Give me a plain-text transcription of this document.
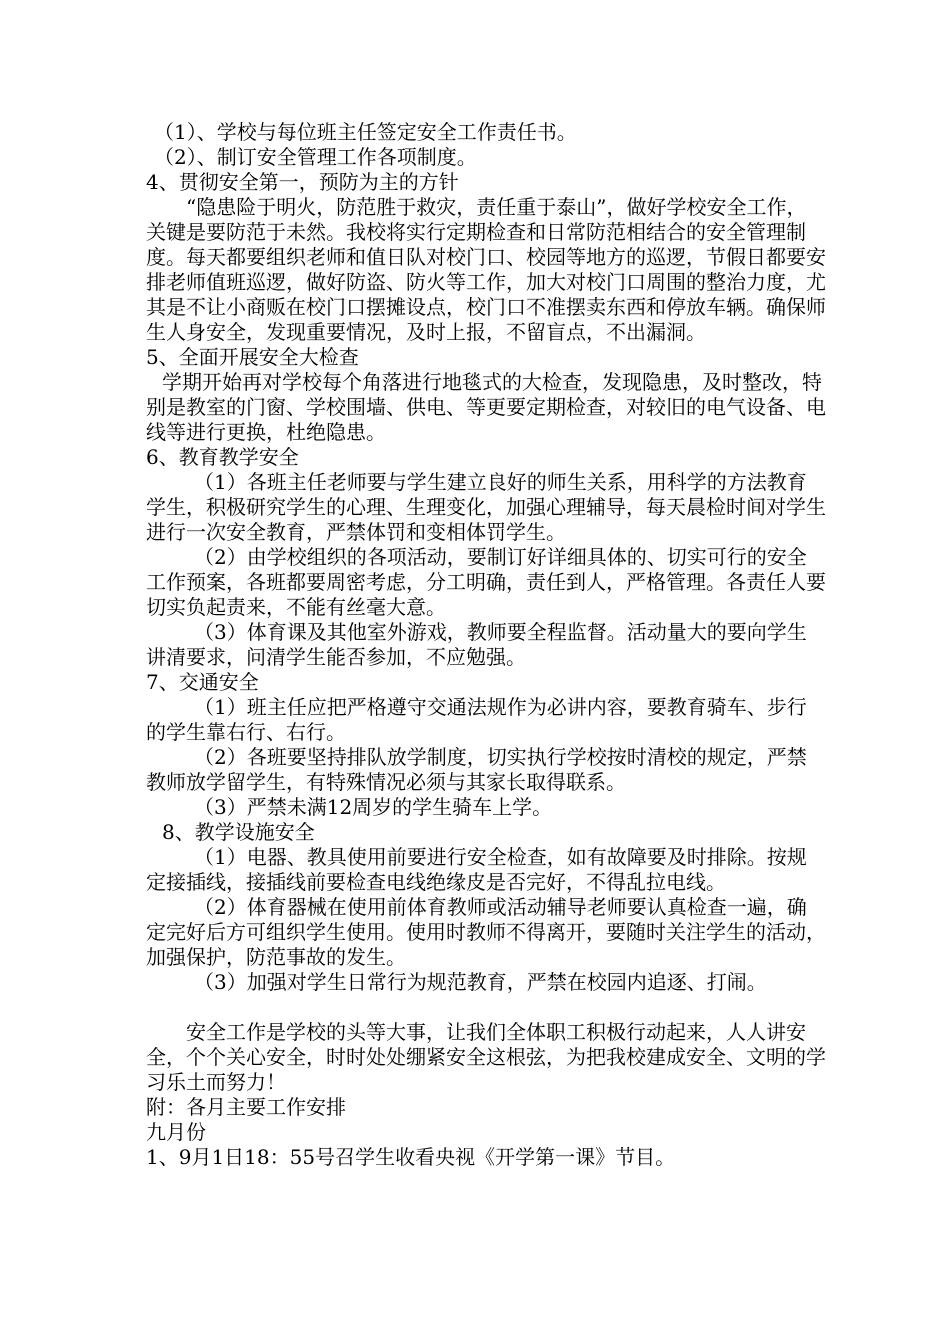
（1）、学校与每位班主任签定安全工作责任书。

（2）、制订安全管理工作各项制度。

4、贯彻安全第一，预防为主的方针

“隐患险于明火，防范胜于救灾，责任重于泰山”，做好学校安全工作，关键是要防范于未然。我校将实行定期检查和日常防范相结合的安全管理制度。每天都要组织老师和值日队对校门口、校园等地方的巡逻，节假日都要安排老师值班巡逻，做好防盗、防火等工作，加大对校门口周围的整治力度，尤其是不让小商贩在校门口摆摊设点，校门口不准摆卖东西和停放车辆。确保师生人身安全，发现重要情况，及时上报，不留盲点，不出漏洞。

5、全面开展安全大检查

学期开始再对学校每个角落进行地毯式的大检查，发现隐患，及时整改，特别是教室的门窗、学校围墙、供电、等更要定期检查，对较旧的电气设备、电线等进行更换，杜绝隐患。

6、教育教学安全

（1）各班主任老师要与学生建立良好的师生关系，用科学的方法教育学生，积极研究学生的心理、生理变化，加强心理辅导，每天晨检时间对学生进行一次安全教育，严禁体罚和变相体罚学生。

（2）由学校组织的各项活动，要制订好详细具体的、切实可行的安全工作预案，各班都要周密考虑，分工明确，责任到人，严格管理。各责任人要切实负起责来，不能有丝毫大意。

（3）体育课及其他室外游戏，教师要全程监督。活动量大的要向学生讲清要求，问清学生能否参加，不应勉强。

7、交通安全

（1）班主任应把严格遵守交通法规作为必讲内容，要教育骑车、步行的学生靠右行、右行。

（2）各班要坚持排队放学制度，切实执行学校按时清校的规定，严禁教师放学留学生，有特殊情况必须与其家长取得联系。

（3）严禁未满12周岁的学生骑车上学。

8、教学设施安全

（1）电器、教具使用前要进行安全检查，如有故障要及时排除。按规定接插线，接插线前要检查电线绝缘皮是否完好，不得乱拉电线。

（2）体育器械在使用前体育教师或活动辅导老师要认真检查一遍，确定完好后方可组织学生使用。使用时教师不得离开，要随时关注学生的活动，加强保护，防范事故的发生。

（3）加强对学生日常行为规范教育，严禁在校园内追逐、打闹。

安全工作是学校的头等大事，让我们全体职工积极行动起来，人人讲安全，个个关心安全，时时处处绷紧安全这根弦，为把我校建成安全、文明的学习乐土而努力！

附：各月主要工作安排

九月份

1、9月1日18：55号召学生收看央视《开学第一课》节目。
